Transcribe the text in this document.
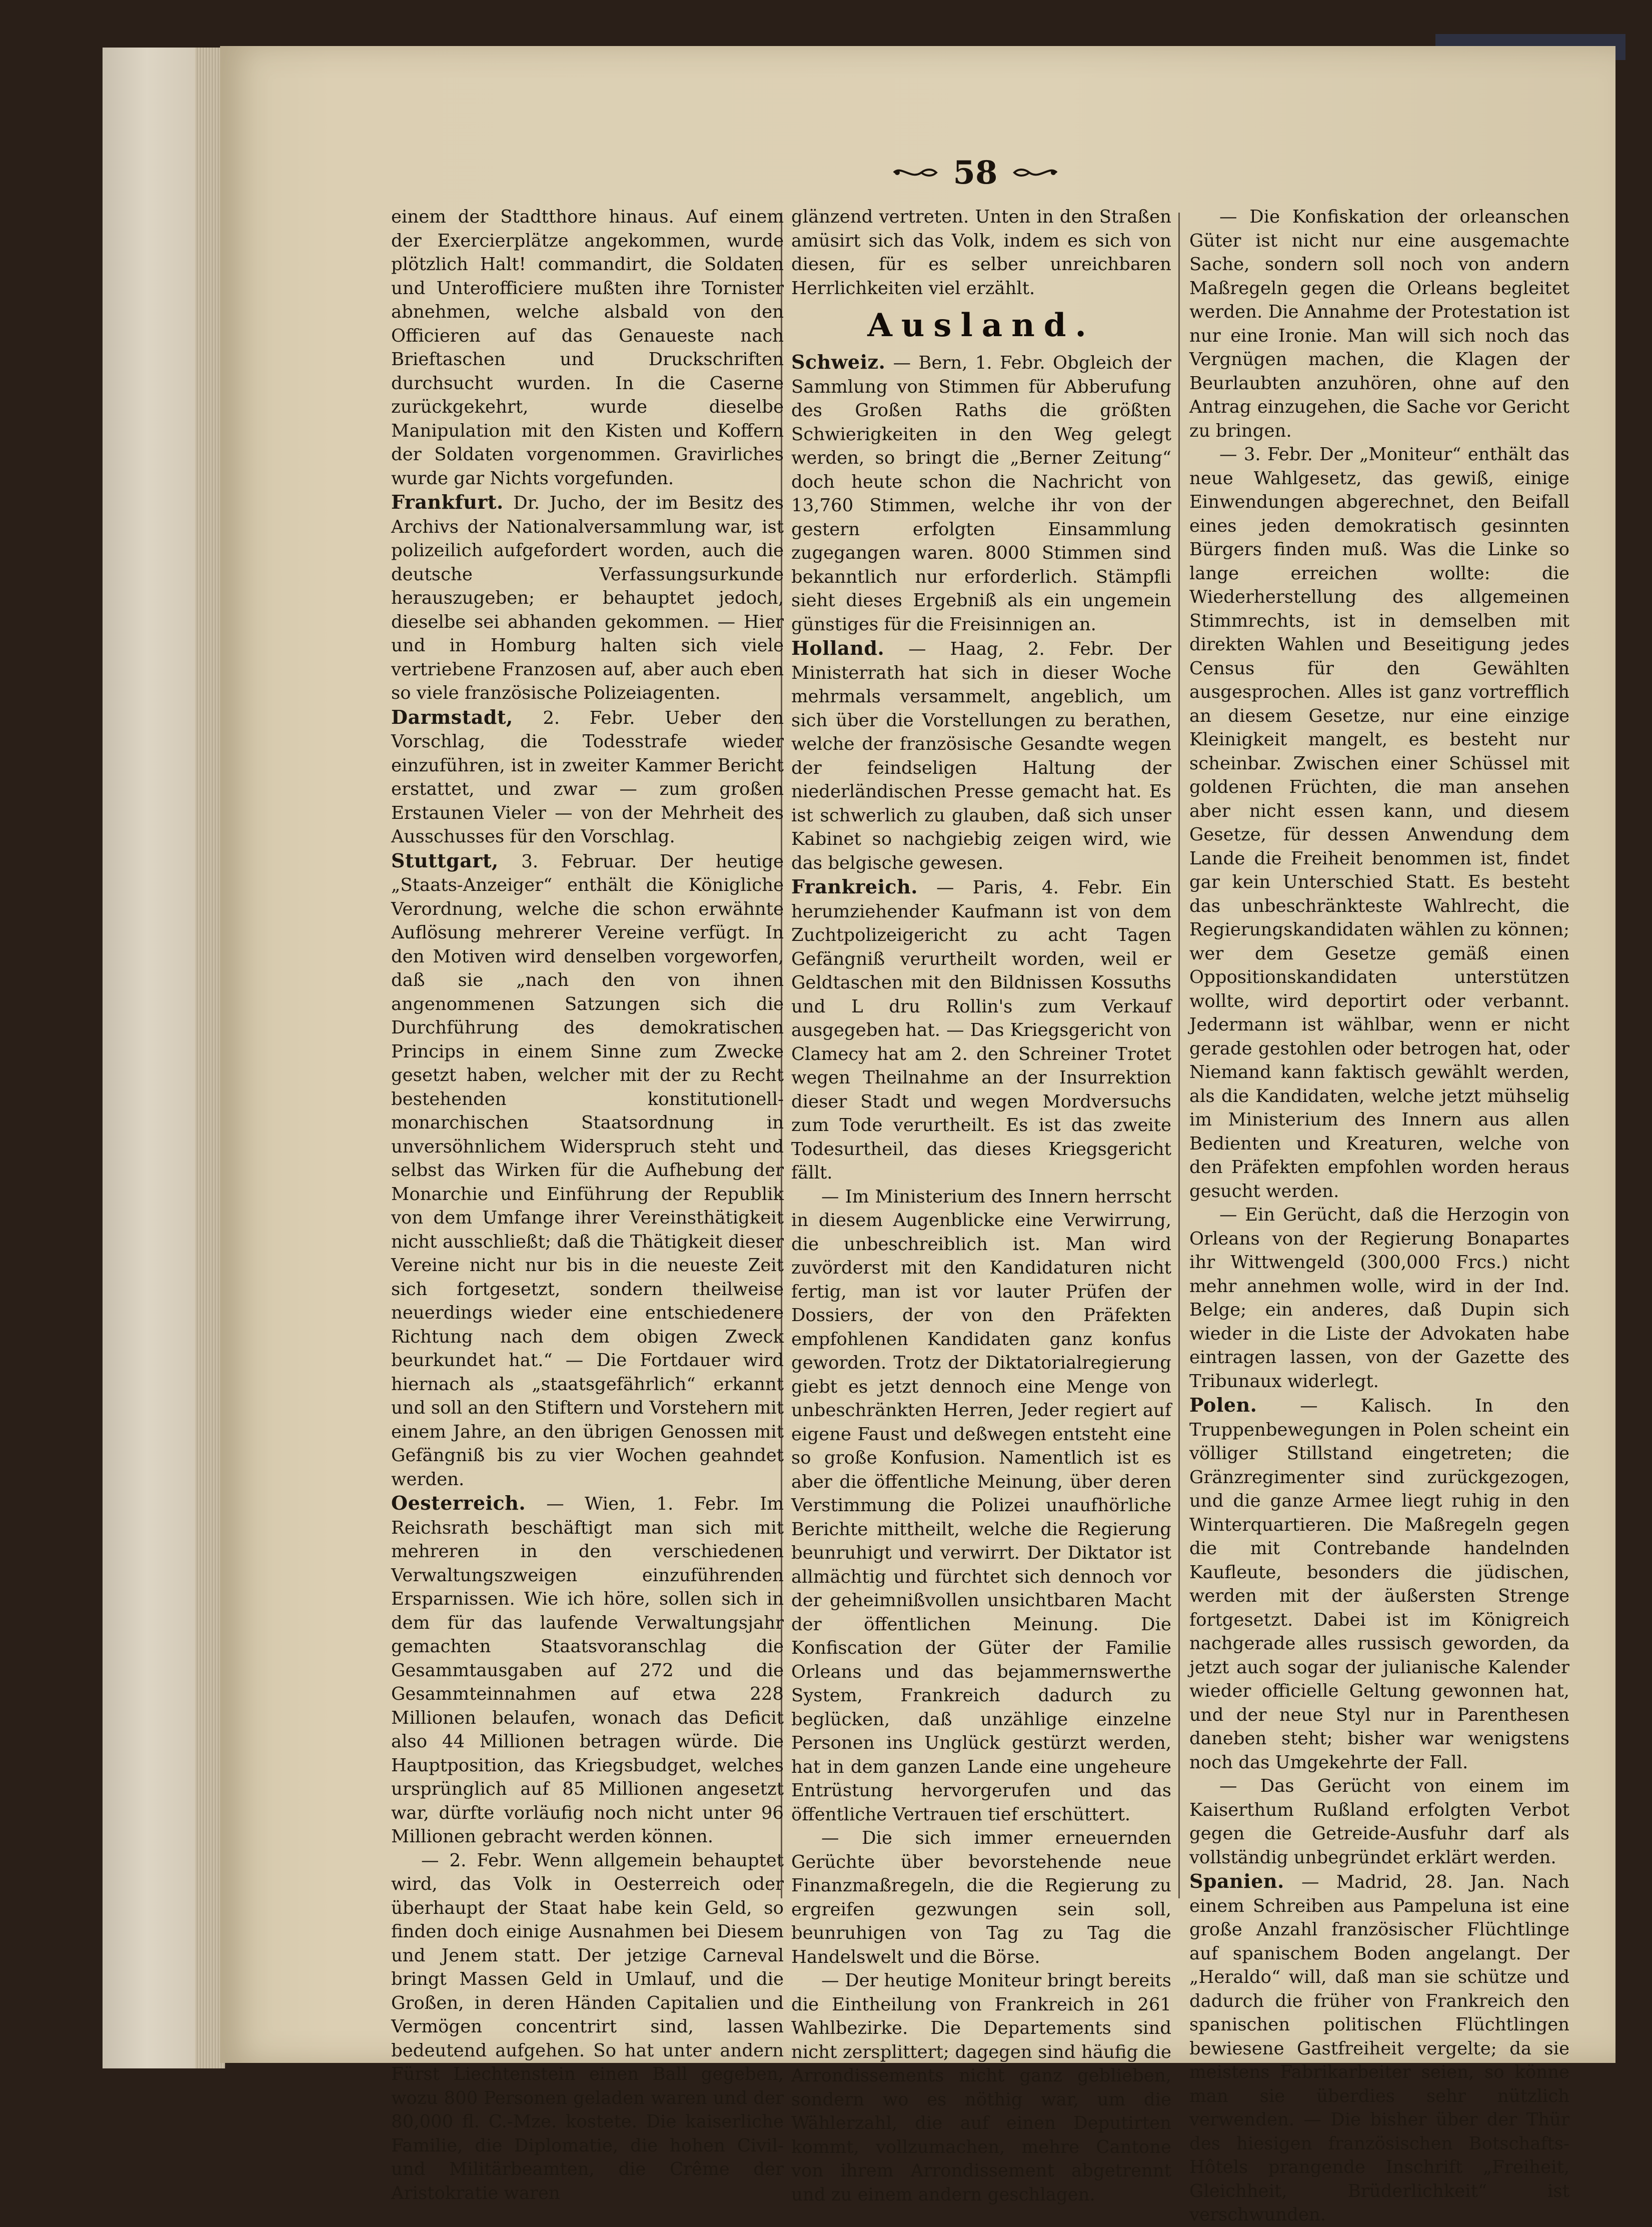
58

einem der Stadtthore hinaus. Auf einem der Exercierplätze angekommen, wurde plötzlich Halt! commandirt, die Soldaten und Unterofficiere mußten ihre Tornister abnehmen, welche alsbald von den Officieren auf das Genaueste nach Brieftaschen und Druckschriften durchsucht wurden. In die Caserne zurückgekehrt, wurde dieselbe Manipulation mit den Kisten und Koffern der Soldaten vorgenommen. Gravirliches wurde gar Nichts vorgefunden.

Frankfurt. Dr. Jucho, der im Besitz des Archivs der Nationalversammlung war, ist polizeilich aufgefordert worden, auch die deutsche Verfassungsurkunde herauszugeben; er behauptet jedoch, dieselbe sei abhanden gekommen. — Hier und in Homburg halten sich viele vertriebene Franzosen auf, aber auch eben so viele französische Polizeiagenten.

Darmstadt, 2. Febr. Ueber den Vorschlag, die Todesstrafe wieder einzuführen, ist in zweiter Kammer Bericht erstattet, und zwar — zum großen Erstaunen Vieler — von der Mehrheit des Ausschusses für den Vorschlag.

Stuttgart, 3. Februar. Der heutige „Staats-Anzeiger“ enthält die Königliche Verordnung, welche die schon erwähnte Auflösung mehrerer Vereine verfügt. In den Motiven wird denselben vorgeworfen, daß sie „nach den von ihnen angenommenen Satzungen sich die Durchführung des demokratischen Princips in einem Sinne zum Zwecke gesetzt haben, welcher mit der zu Recht bestehenden konstitutionell-monarchischen Staatsordnung in unversöhnlichem Widerspruch steht und selbst das Wirken für die Aufhebung der Monarchie und Einführung der Republik von dem Umfange ihrer Vereinsthätigkeit nicht ausschließt; daß die Thätigkeit dieser Vereine nicht nur bis in die neueste Zeit sich fortgesetzt, sondern theilweise neuerdings wieder eine entschiedenere Richtung nach dem obigen Zweck beurkundet hat.“ — Die Fortdauer wird hiernach als „staatsgefährlich“ erkannt und soll an den Stiftern und Vorstehern mit einem Jahre, an den übrigen Genossen mit Gefängniß bis zu vier Wochen geahndet werden.

Oesterreich. — Wien, 1. Febr. Im Reichsrath beschäftigt man sich mit mehreren in den verschiedenen Verwaltungszweigen einzuführenden Ersparnissen. Wie ich höre, sollen sich in dem für das laufende Verwaltungsjahr gemachten Staatsvoranschlag die Gesammtausgaben auf 272 und die Gesammteinnahmen auf etwa 228 Millionen belaufen, wonach das Deficit also 44 Millionen betragen würde. Die Hauptposition, das Kriegsbudget, welches ursprünglich auf 85 Millionen angesetzt war, dürfte vorläufig noch nicht unter 96 Millionen gebracht werden können.

— 2. Febr. Wenn allgemein behauptet wird, das Volk in Oesterreich oder überhaupt der Staat habe kein Geld, so finden doch einige Ausnahmen bei Diesem und Jenem statt. Der jetzige Carneval bringt Massen Geld in Umlauf, und die Großen, in deren Händen Capitalien und Vermögen concentrirt sind, lassen bedeutend aufgehen. So hat unter andern Fürst Liechtenstein einen Ball gegeben, wozu 800 Personen geladen waren und der 80,000 fl. C.-Mze. kostete. Die kaiserliche Familie, die Diplomatie, die hohen Civil- und Militärbeamten, die Crême der Aristokratie waren

glänzend vertreten. Unten in den Straßen amüsirt sich das Volk, indem es sich von diesen, für es selber unreichbaren Herrlichkeiten viel erzählt.

Ausland.

Schweiz. — Bern, 1. Febr. Obgleich der Sammlung von Stimmen für Abberufung des Großen Raths die größten Schwierigkeiten in den Weg gelegt werden, so bringt die „Berner Zeitung“ doch heute schon die Nachricht von 13,760 Stimmen, welche ihr von der gestern erfolgten Einsammlung zugegangen waren. 8000 Stimmen sind bekanntlich nur erforderlich. Stämpfli sieht dieses Ergebniß als ein ungemein günstiges für die Freisinnigen an.

Holland. — Haag, 2. Febr. Der Ministerrath hat sich in dieser Woche mehrmals versammelt, angeblich, um sich über die Vorstellungen zu berathen, welche der französische Gesandte wegen der feindseligen Haltung der niederländischen Presse gemacht hat. Es ist schwerlich zu glauben, daß sich unser Kabinet so nachgiebig zeigen wird, wie das belgische gewesen.

Frankreich. — Paris, 4. Febr. Ein herumziehender Kaufmann ist von dem Zuchtpolizeigericht zu acht Tagen Gefängniß verurtheilt worden, weil er Geldtaschen mit den Bildnissen Kossuths und L dru Rollin's zum Verkauf ausgegeben hat. — Das Kriegsgericht von Clamecy hat am 2. den Schreiner Trotet wegen Theilnahme an der Insurrektion dieser Stadt und wegen Mordversuchs zum Tode verurtheilt. Es ist das zweite Todesurtheil, das dieses Kriegsgericht fällt.

— Im Ministerium des Innern herrscht in diesem Augenblicke eine Verwirrung, die unbeschreiblich ist. Man wird zuvörderst mit den Kandidaturen nicht fertig, man ist vor lauter Prüfen der Dossiers, der von den Präfekten empfohlenen Kandidaten ganz konfus geworden. Trotz der Diktatorialregierung giebt es jetzt dennoch eine Menge von unbeschränkten Herren, Jeder regiert auf eigene Faust und deßwegen entsteht eine so große Konfusion. Namentlich ist es aber die öffentliche Meinung, über deren Verstimmung die Polizei unaufhörliche Berichte mittheilt, welche die Regierung beunruhigt und verwirrt. Der Diktator ist allmächtig und fürchtet sich dennoch vor der geheimnißvollen unsichtbaren Macht der öffentlichen Meinung. Die Konfiscation der Güter der Familie Orleans und das bejammernswerthe System, Frankreich dadurch zu beglücken, daß unzählige einzelne Personen ins Unglück gestürzt werden, hat in dem ganzen Lande eine ungeheure Entrüstung hervorgerufen und das öffentliche Vertrauen tief erschüttert.

— Die sich immer erneuernden Gerüchte über bevorstehende neue Finanzmaßregeln, die die Regierung zu ergreifen gezwungen sein soll, beunruhigen von Tag zu Tag die Handelswelt und die Börse.

— Der heutige Moniteur bringt bereits die Eintheilung von Frankreich in 261 Wahlbezirke. Die Departements sind nicht zersplittert; dagegen sind häufig die Arrondissements nicht ganz geblieben, sondern wo es nöthig war, um die Wählerzahl, die auf einen Deputirten kommt, vollzumachen, mehre Cantone von ihrem Arrondissement abgetrennt und zu einem andern geschlagen.

— Die Konfiskation der orleanschen Güter ist nicht nur eine ausgemachte Sache, sondern soll noch von andern Maßregeln gegen die Orleans begleitet werden. Die Annahme der Protestation ist nur eine Ironie. Man will sich noch das Vergnügen machen, die Klagen der Beurlaubten anzuhören, ohne auf den Antrag einzugehen, die Sache vor Gericht zu bringen.

— 3. Febr. Der „Moniteur“ enthält das neue Wahlgesetz, das gewiß, einige Einwendungen abgerechnet, den Beifall eines jeden demokratisch gesinnten Bürgers finden muß. Was die Linke so lange erreichen wollte: die Wiederherstellung des allgemeinen Stimmrechts, ist in demselben mit direkten Wahlen und Beseitigung jedes Census für den Gewählten ausgesprochen. Alles ist ganz vortrefflich an diesem Gesetze, nur eine einzige Kleinigkeit mangelt, es besteht nur scheinbar. Zwischen einer Schüssel mit goldenen Früchten, die man ansehen aber nicht essen kann, und diesem Gesetze, für dessen Anwendung dem Lande die Freiheit benommen ist, findet gar kein Unterschied Statt. Es besteht das unbeschränkteste Wahlrecht, die Regierungskandidaten wählen zu können; wer dem Gesetze gemäß einen Oppositionskandidaten unterstützen wollte, wird deportirt oder verbannt. Jedermann ist wählbar, wenn er nicht gerade gestohlen oder betrogen hat, oder Niemand kann faktisch gewählt werden, als die Kandidaten, welche jetzt mühselig im Ministerium des Innern aus allen Bedienten und Kreaturen, welche von den Präfekten empfohlen worden heraus gesucht werden.

— Ein Gerücht, daß die Herzogin von Orleans von der Regierung Bonapartes ihr Wittwengeld (300,000 Frcs.) nicht mehr annehmen wolle, wird in der Ind. Belge; ein anderes, daß Dupin sich wieder in die Liste der Advokaten habe eintragen lassen, von der Gazette des Tribunaux widerlegt.

Polen. — Kalisch. In den Truppenbewegungen in Polen scheint ein völliger Stillstand eingetreten; die Gränzregimenter sind zurückgezogen, und die ganze Armee liegt ruhig in den Winterquartieren. Die Maßregeln gegen die mit Contrebande handelnden Kaufleute, besonders die jüdischen, werden mit der äußersten Strenge fortgesetzt. Dabei ist im Königreich nachgerade alles russisch geworden, da jetzt auch sogar der julianische Kalender wieder officielle Geltung gewonnen hat, und der neue Styl nur in Parenthesen daneben steht; bisher war wenigstens noch das Umgekehrte der Fall.

— Das Gerücht von einem im Kaiserthum Rußland erfolgten Verbot gegen die Getreide-Ausfuhr darf als vollständig unbegründet erklärt werden.

Spanien. — Madrid, 28. Jan. Nach einem Schreiben aus Pampeluna ist eine große Anzahl französischer Flüchtlinge auf spanischem Boden angelangt. Der „Heraldo“ will, daß man sie schütze und dadurch die früher von Frankreich den spanischen politischen Flüchtlingen bewiesene Gastfreiheit vergelte; da sie meistens Fabrikarbeiter seien, so könne man sie überdies sehr nützlich verwenden. — Die bisher über der Thür des hiesigen französischen Botschafts-Hôtels prangende Inschrift „Freiheit, Gleichheit, Brüderlichkeit“ ist verschwunden.
